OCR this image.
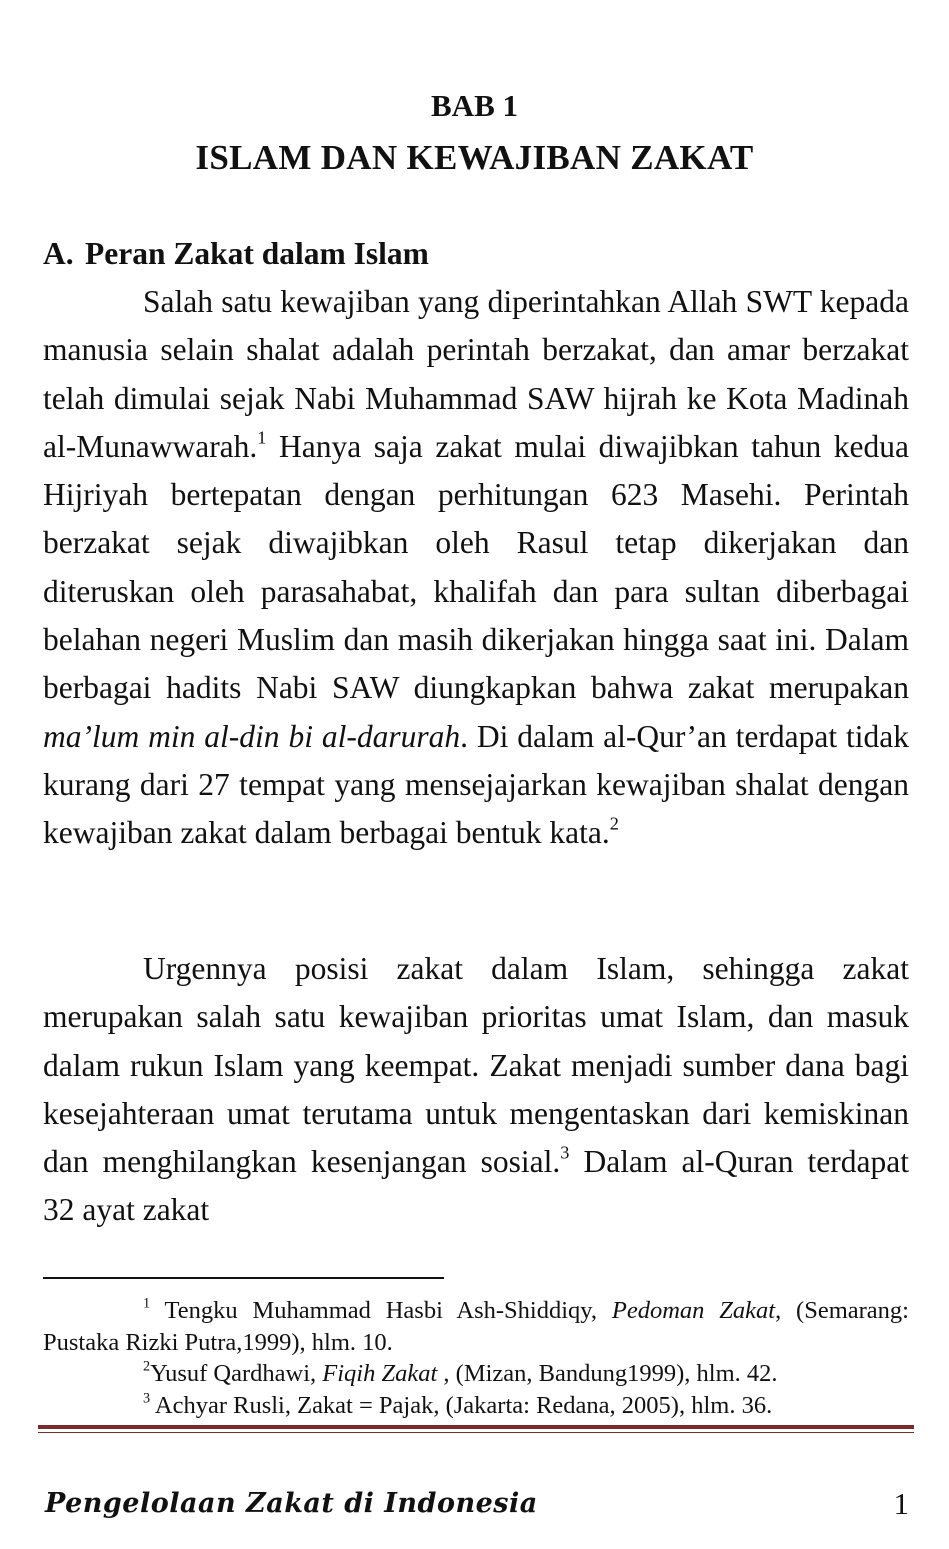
BAB 1
ISLAM DAN KEWAJIBAN ZAKAT
A. Peran Zakat dalam Islam

Salah satu kewajiban yang diperintahkan Allah SWT kepada manusia selain shalat adalah perintah berzakat, dan amar berzakat telah dimulai sejak Nabi Muhammad SAW hijrah ke Kota Madinah al-Munawwarah.$^1$ Hanya saja zakat mulai diwajibkan tahun kedua Hijriyah bertepatan dengan perhitungan 623 Masehi. Perintah berzakat sejak diwajibkan oleh Rasul tetap dikerjakan dan diteruskan oleh parasahabat, khalifah dan para sultan diberbagai belahan negeri Muslim dan masih dikerjakan hingga saat ini. Dalam berbagai hadits Nabi SAW diungkapkan bahwa zakat merupakan ma’lum min al-din bi al-darurah. Di dalam al-Qur’an terdapat tidak kurang dari 27 tempat yang mensejajarkan kewajiban shalat dengan kewajiban zakat dalam berbagai bentuk kata.$^2$

Urgennya posisi zakat dalam Islam, sehingga zakat merupakan salah satu kewajiban prioritas umat Islam, dan masuk dalam rukun Islam yang keempat. Zakat menjadi sumber dana bagi kesejahteraan umat terutama untuk mengentaskan dari kemiskinan dan menghilangkan kesenjangan sosial.$^3$ Dalam al-Quran terdapat 32 ayat zakat

$^1$ Tengku Muhammad Hasbi Ash-Shiddiqy, Pedoman Zakat, (Semarang: Pustaka Rizki Putra,1999), hlm. 10.

$^2$Yusuf Qardhawi, Fiqih Zakat , (Mizan, Bandung1999), hlm. 42.

$^3$ Achyar Rusli, Zakat = Pajak, (Jakarta: Redana, 2005), hlm. 36.

Pengelolaan Zakat di Indonesia	1
